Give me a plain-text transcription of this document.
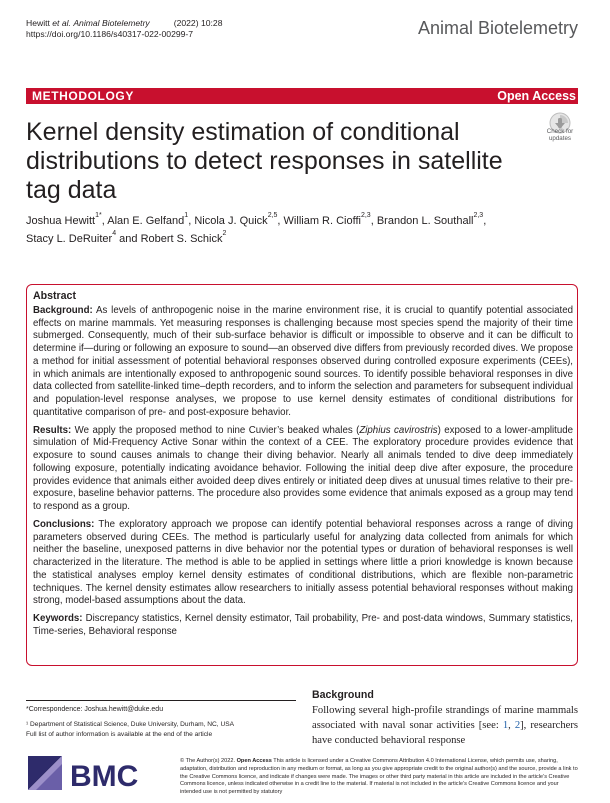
Hewitt et al. Animal Biotelemetry	(2022) 10:28
https://doi.org/10.1186/s40317-022-00299-7	Animal Biotelemetry
METHODOLOGY	Open Access
Kernel density estimation of conditional distributions to detect responses in satellite tag data
Check for updates
Joshua Hewitt$^{1*}$, Alan E. Gelfand$^1$, Nicola J. Quick$^{2,5}$, William R. Cioffi$^{2,3}$, Brandon L. Southall$^{2,3}$,
Stacy L. DeRuiter$^4$ and Robert S. Schick$^2$
Abstract

Background: As levels of anthropogenic noise in the marine environment rise, it is crucial to quantify potential associated effects on marine mammals. Yet measuring responses is challenging because most species spend the majority of their time submerged. Consequently, much of their sub-surface behavior is difficult or impossible to observe and it can be difficult to determine if—during or following an exposure to sound—an observed dive differs from previously recorded dives. We propose a method for initial assessment of potential behavioral responses observed during controlled exposure experiments (CEEs), in which animals are intentionally exposed to anthropogenic sound sources. To identify possible behavioral responses in dive data collected from satellite-linked time–depth recorders, and to inform the selection and parameters for subsequent individual and population-level response analyses, we propose to use kernel density estimates of conditional distributions for quantitative comparison of pre- and post-exposure behavior.

Results: We apply the proposed method to nine Cuvier’s beaked whales (Ziphius cavirostris) exposed to a lower-amplitude simulation of Mid-Frequency Active Sonar within the context of a CEE. The exploratory procedure provides evidence that exposure to sound causes animals to change their diving behavior. Nearly all animals tended to dive deep immediately following exposure, potentially indicating avoidance behavior. Following the initial deep dive after exposure, the procedure provides evidence that animals either avoided deep dives entirely or initiated deep dives at unusual times relative to their pre-exposure, baseline behavior patterns. The procedure also provides some evidence that animals exposed as a group may tend to respond as a group.

Conclusions: The exploratory approach we propose can identify potential behavioral responses across a range of diving parameters observed during CEEs. The method is particularly useful for analyzing data collected from animals for which neither the baseline, unexposed patterns in dive behavior nor the potential types or duration of behavioral responses is well characterized in the literature. The method is able to be applied in settings where little a priori knowledge is known because the statistical analyses employ kernel density estimates of conditional distributions, which are flexible non-parametric techniques. The kernel density estimates allow researchers to initially assess potential behavioral responses without making strong, model-based assumptions about the data.

Keywords: Discrepancy statistics, Kernel density estimator, Tail probability, Pre- and post-data windows, Summary statistics, Time-series, Behavioral response

*Correspondence: Joshua.hewitt@duke.edu
¹ Department of Statistical Science, Duke University, Durham, NC, USA
Full list of author information is available at the end of the article
Background
Following several high-profile strandings of marine mammals associated with naval sonar activities [see: 1, 2], researchers have conducted behavioral response
BMC	© The Author(s) 2022. Open Access This article is licensed under a Creative Commons Attribution 4.0 International License, which permits use, sharing, adaptation, distribution and reproduction in any medium or format, as long as you give appropriate credit to the original author(s) and the source, provide a link to the Creative Commons licence, and indicate if changes were made. The images or other third party material in this article are included in the article’s Creative Commons licence, unless indicated otherwise in a credit line to the material. If material is not included in the article’s Creative Commons licence and your intended use is not permitted by statutory
